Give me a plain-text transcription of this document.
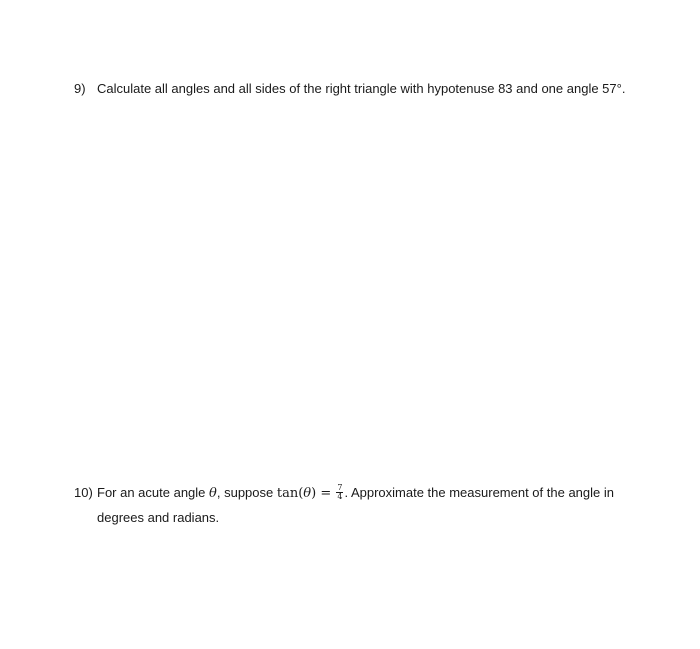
9) Calculate all angles and all sides of the right triangle with hypotenuse 83 and one angle 57°.
10) For an acute angle θ, suppose $\tan(\theta) = \frac{7}{4}$ . Approximate the measurement of the angle in
degrees and radians.
